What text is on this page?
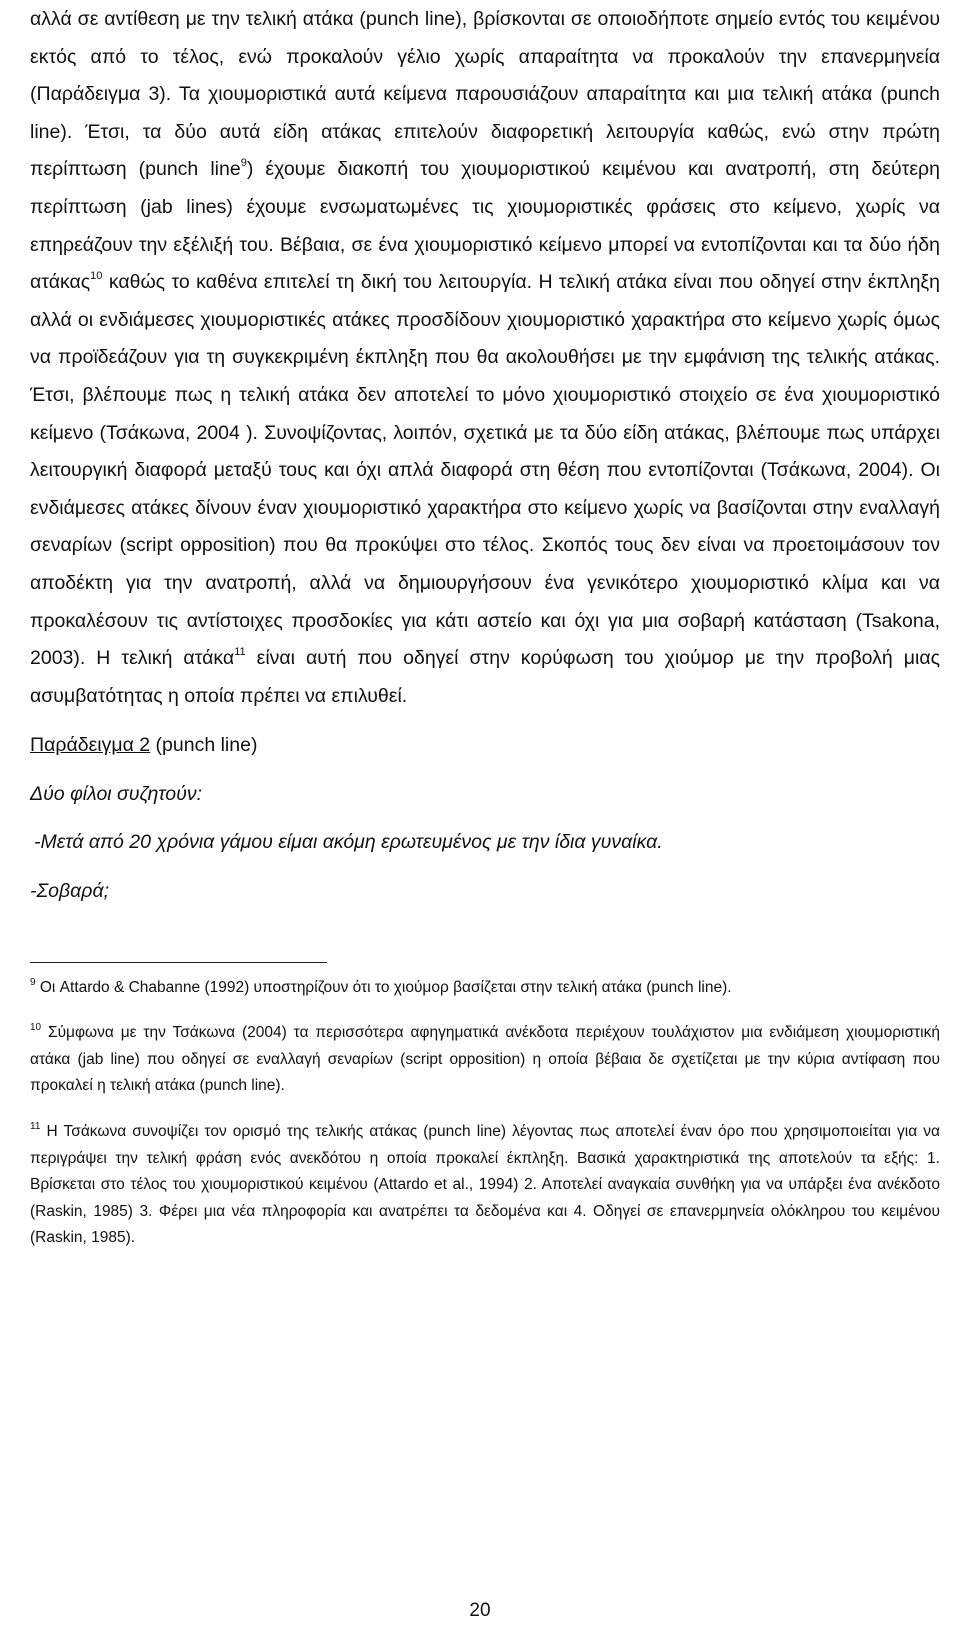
αλλά σε αντίθεση με την τελική ατάκα (punch line), βρίσκονται σε οποιοδήποτε σημείο εντός του κειμένου εκτός από το τέλος, ενώ προκαλούν γέλιο χωρίς απαραίτητα να προκαλούν την επανερμηνεία (Παράδειγμα 3). Τα χιουμοριστικά αυτά κείμενα παρουσιάζουν απαραίτητα και μια τελική ατάκα (punch line). Έτσι, τα δύο αυτά είδη ατάκας επιτελούν διαφορετική λειτουργία καθώς, ενώ στην πρώτη περίπτωση (punch line$^9$) έχουμε διακοπή του χιουμοριστικού κειμένου και ανατροπή, στη δεύτερη περίπτωση (jab lines) έχουμε ενσωματωμένες τις χιουμοριστικές φράσεις στο κείμενο, χωρίς να επηρεάζουν την εξέλιξή του. Βέβαια, σε ένα χιουμοριστικό κείμενο μπορεί να εντοπίζονται και τα δύο ήδη ατάκας$^{10}$ καθώς το καθένα επιτελεί τη δική του λειτουργία. Η τελική ατάκα είναι που οδηγεί στην έκπληξη αλλά οι ενδιάμεσες χιουμοριστικές ατάκες προσδίδουν χιουμοριστικό χαρακτήρα στο κείμενο χωρίς όμως να προϊδεάζουν για τη συγκεκριμένη έκπληξη που θα ακολουθήσει με την εμφάνιση της τελικής ατάκας. Έτσι, βλέπουμε πως η τελική ατάκα δεν αποτελεί το μόνο χιουμοριστικό στοιχείο σε ένα χιουμοριστικό κείμενο (Τσάκωνα, 2004 ). Συνοψίζοντας, λοιπόν, σχετικά με τα δύο είδη ατάκας, βλέπουμε πως υπάρχει λειτουργική διαφορά μεταξύ τους και όχι απλά διαφορά στη θέση που εντοπίζονται (Τσάκωνα, 2004). Οι ενδιάμεσες ατάκες δίνουν έναν χιουμοριστικό χαρακτήρα στο κείμενο χωρίς να βασίζονται στην εναλλαγή σεναρίων (script opposition) που θα προκύψει στο τέλος. Σκοπός τους δεν είναι να προετοιμάσουν τον αποδέκτη για την ανατροπή, αλλά να δημιουργήσουν ένα γενικότερο χιουμοριστικό κλίμα και να προκαλέσουν τις αντίστοιχες προσδοκίες για κάτι αστείο και όχι για μια σοβαρή κατάσταση (Tsakona, 2003). Η τελική ατάκα$^{11}$ είναι αυτή που οδηγεί στην κορύφωση του χιούμορ με την προβολή μιας ασυμβατότητας η οποία πρέπει να επιλυθεί.

Παράδειγμα 2 (punch line)

Δύο φίλοι συζητούν:

-Μετά από 20 χρόνια γάμου είμαι ακόμη ερωτευμένος με την ίδια γυναίκα.

-Σοβαρά;

$^9$ Οι Attardo & Chabanne (1992) υποστηρίζουν ότι το χιούμορ βασίζεται στην τελική ατάκα (punch line).

$^{10}$ Σύμφωνα με την Τσάκωνα (2004) τα περισσότερα αφηγηματικά ανέκδοτα περιέχουν τουλάχιστον μια ενδιάμεση χιουμοριστική ατάκα (jab line) που οδηγεί σε εναλλαγή σεναρίων (script opposition) η οποία βέβαια δε σχετίζεται με την κύρια αντίφαση που προκαλεί η τελική ατάκα (punch line).

$^{11}$ Η Τσάκωνα συνοψίζει τον ορισμό της τελικής ατάκας (punch line) λέγοντας πως αποτελεί έναν όρο που χρησιμοποιείται για να περιγράψει την τελική φράση ενός ανεκδότου η οποία προκαλεί έκπληξη. Βασικά χαρακτηριστικά της αποτελούν τα εξής: 1. Βρίσκεται στο τέλος του χιουμοριστικού κειμένου (Attardo et al., 1994) 2. Αποτελεί αναγκαία συνθήκη για να υπάρξει ένα ανέκδοτο (Raskin, 1985) 3. Φέρει μια νέα πληροφορία και ανατρέπει τα δεδομένα και 4. Οδηγεί σε επανερμηνεία ολόκληρου του κειμένου (Raskin, 1985).

20
